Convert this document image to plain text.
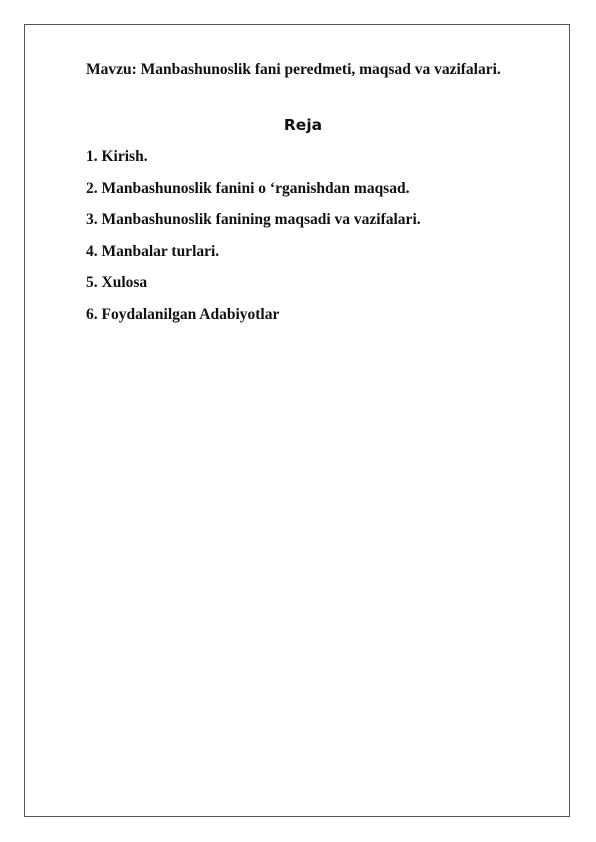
Mavzu: Manbashunoslik fani peredmeti, maqsad va vazifalari.
Reja
1. Kirish.
2. Manbashunoslik fanini o ‘rganishdan maqsad.
3. Manbashunoslik fanining maqsadi va vazifalari.
4. Manbalar turlari.
5. Xulosa
6. Foydalanilgan Adabiyotlar
